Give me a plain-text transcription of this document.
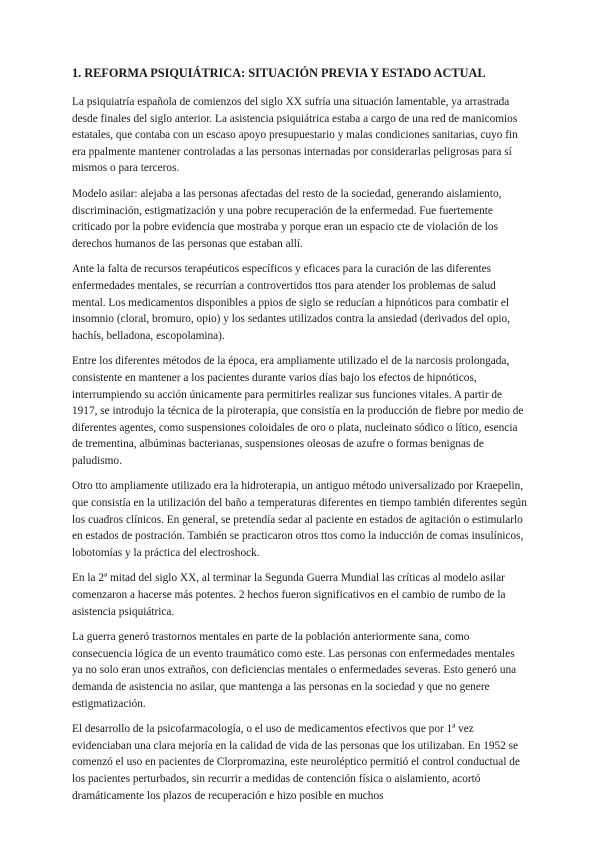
1. REFORMA PSIQUIÁTRICA: SITUACIÓN PREVIA Y ESTADO ACTUAL

La psiquiatría española de comienzos del siglo XX sufría una situación lamentable, ya arrastrada desde finales del siglo anterior. La asistencia psiquiátrica estaba a cargo de una red de manicomios estatales, que contaba con un escaso apoyo presupuestario y malas condiciones sanitarias, cuyo fin era ppalmente mantener controladas a las personas internadas por considerarlas peligrosas para sí mismos o para terceros.

Modelo asilar: alejaba a las personas afectadas del resto de la sociedad, generando aislamiento, discriminación, estigmatización y una pobre recuperación de la enfermedad. Fue fuertemente criticado por la pobre evidencia que mostraba y porque eran un espacio cte de violación de los derechos humanos de las personas que estaban allí.

Ante la falta de recursos terapéuticos específicos y eficaces para la curación de las diferentes enfermedades mentales, se recurrían a controvertidos ttos para atender los problemas de salud mental. Los medicamentos disponibles a ppios de siglo se reducían a hipnóticos para combatir el insomnio (cloral, bromuro, opio) y los sedantes utilizados contra la ansiedad (derivados del opio, hachís, belladona, escopolamina).

Entre los diferentes métodos de la época, era ampliamente utilizado el de la narcosis prolongada, consistente en mantener a los pacientes durante varios días bajo los efectos de hipnóticos, interrumpiendo su acción únicamente para permitirles realizar sus funciones vitales. A partir de 1917, se introdujo la técnica de la piroterapia, que consistía en la producción de fiebre por medio de diferentes agentes, como suspensiones coloidales de oro o plata, nucleinato sódico o lítico, esencia de trementina, albúminas bacterianas, suspensiones oleosas de azufre o formas benignas de paludismo.

Otro tto ampliamente utilizado era la hidroterapia, un antiguo método universalizado por Kraepelin, que consistía en la utilización del baño a temperaturas diferentes en tiempo también diferentes según los cuadros clínicos. En general, se pretendía sedar al paciente en estados de agitación o estimularlo en estados de postración. También se practicaron otros ttos como la inducción de comas insulínicos, lobotomías y la práctica del electroshock.

En la 2ª mitad del siglo XX, al terminar la Segunda Guerra Mundial las críticas al modelo asilar comenzaron a hacerse más potentes. 2 hechos fueron significativos en el cambio de rumbo de la asistencia psiquiátrica.

La guerra generó trastornos mentales en parte de la población anteriormente sana, como consecuencia lógica de un evento traumático como este. Las personas con enfermedades mentales ya no solo eran unos extraños, con deficiencias mentales o enfermedades severas. Esto generó una demanda de asistencia no asilar, que mantenga a las personas en la sociedad y que no genere estigmatización.

El desarrollo de la psicofarmacología, o el uso de medicamentos efectivos que por 1ª vez evidenciaban una clara mejoría en la calidad de vida de las personas que los utilizaban. En 1952 se comenzó el uso en pacientes de Clorpromazina, este neuroléptico permitió el control conductual de los pacientes perturbados, sin recurrir a medidas de contención física o aislamiento, acortó dramáticamente los plazos de recuperación e hizo posible en muchos
